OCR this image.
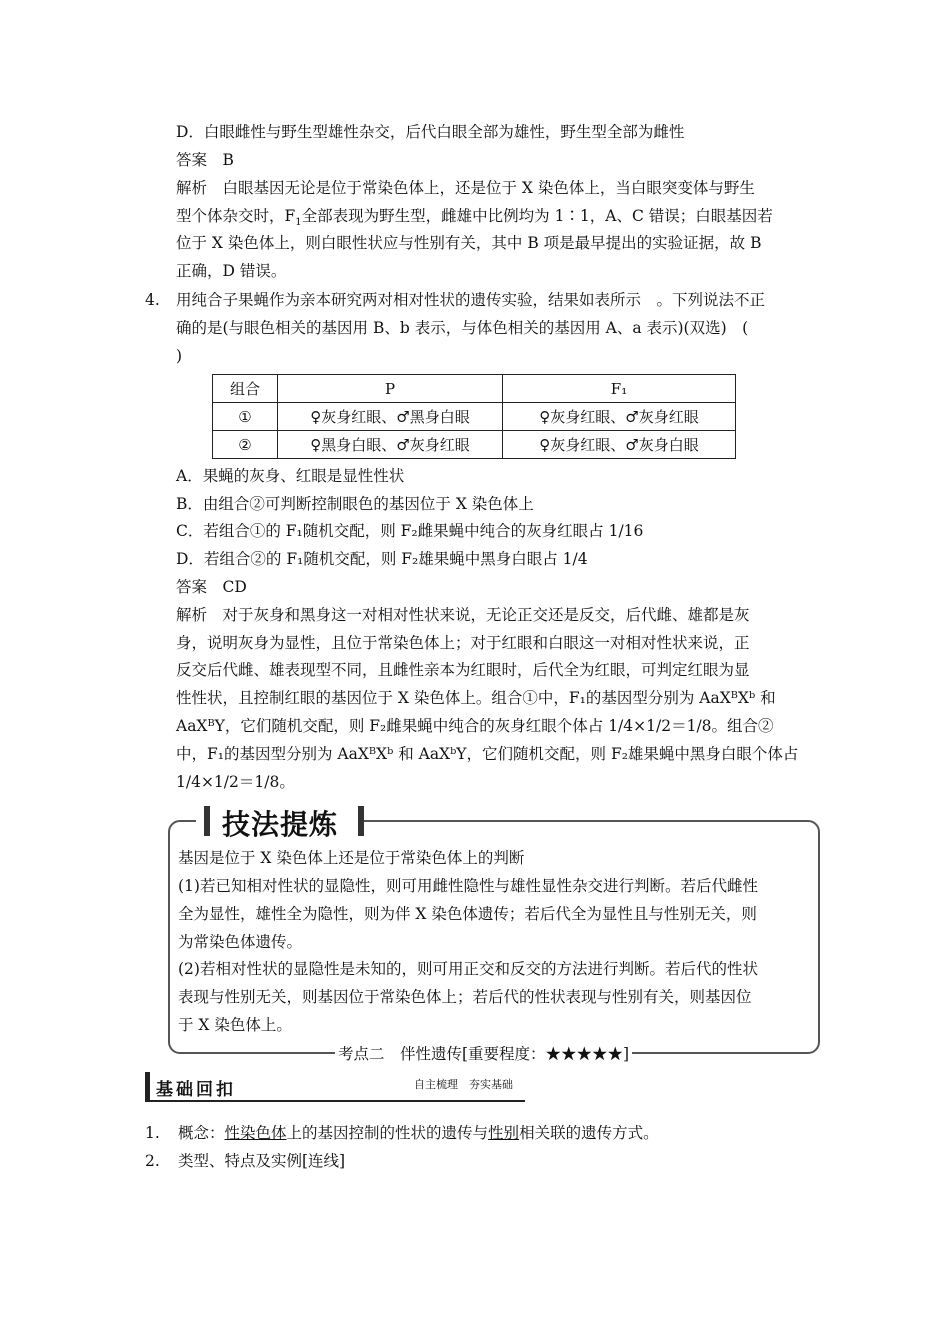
D．白眼雌性与野生型雄性杂交，后代白眼全部为雄性，野生型全部为雌性
答案　B
解析　白眼基因无论是位于常染色体上，还是位于 X 染色体上，当白眼突变体与野生
型个体杂交时，$F_1$全部表现为野生型，雌雄中比例均为 1∶1，A、C 错误；白眼基因若
位于 X 染色体上，则白眼性状应与性别有关，其中 B 项是最早提出的实验证据，故 B
正确，D 错误。
4. 用纯合子果蝇作为亲本研究两对相对性状的遗传实验，结果如表所示　。下列说法不正
确的是(与眼色相关的基因用 B、b 表示，与体色相关的基因用 A、a 表示)(双选)　(
)
组合	P	F₁
①	♀灰身红眼、♂黑身白眼	♀灰身红眼、♂灰身红眼
②	♀黑身白眼、♂灰身红眼	♀灰身红眼、♂灰身白眼
A．果蝇的灰身、红眼是显性性状
B．由组合②可判断控制眼色的基因位于 X 染色体上
C．若组合①的 F₁随机交配，则 F₂雌果蝇中纯合的灰身红眼占 1/16
D．若组合②的 F₁随机交配，则 F₂雄果蝇中黑身白眼占 1/4
答案　CD
解析　对于灰身和黑身这一对相对性状来说，无论正交还是反交，后代雌、雄都是灰
身，说明灰身为显性，且位于常染色体上；对于红眼和白眼这一对相对性状来说，正
反交后代雌、雄表现型不同，且雌性亲本为红眼时，后代全为红眼，可判定红眼为显
性性状，且控制红眼的基因位于 X 染色体上。组合①中，F₁的基因型分别为 AaXᴮXᵇ 和
AaXᴮY，它们随机交配，则 F₂雌果蝇中纯合的灰身红眼个体占 1/4×1/2＝1/8。组合②
中，F₁的基因型分别为 AaXᴮXᵇ 和 AaXᵇY，它们随机交配，则 F₂雄果蝇中黑身白眼个体占
1/4×1/2＝1/8。
技法提炼
基因是位于 X 染色体上还是位于常染色体上的判断
(1)若已知相对性状的显隐性，则可用雌性隐性与雄性显性杂交进行判断。若后代雌性
全为显性，雄性全为隐性，则为伴 X 染色体遗传；若后代全为显性且与性别无关，则
为常染色体遗传。
(2)若相对性状的显隐性是未知的，则可用正交和反交的方法进行判断。若后代的性状
表现与性别无关，则基因位于常染色体上；若后代的性状表现与性别有关，则基因位
于 X 染色体上。
考点二　伴性遗传[重要程度：★★★★★]
基础回扣	自主梳理　夯实基础
1. 概念：性染色体上的基因控制的性状的遗传与性别相关联的遗传方式。
2. 类型、特点及实例[连线]
